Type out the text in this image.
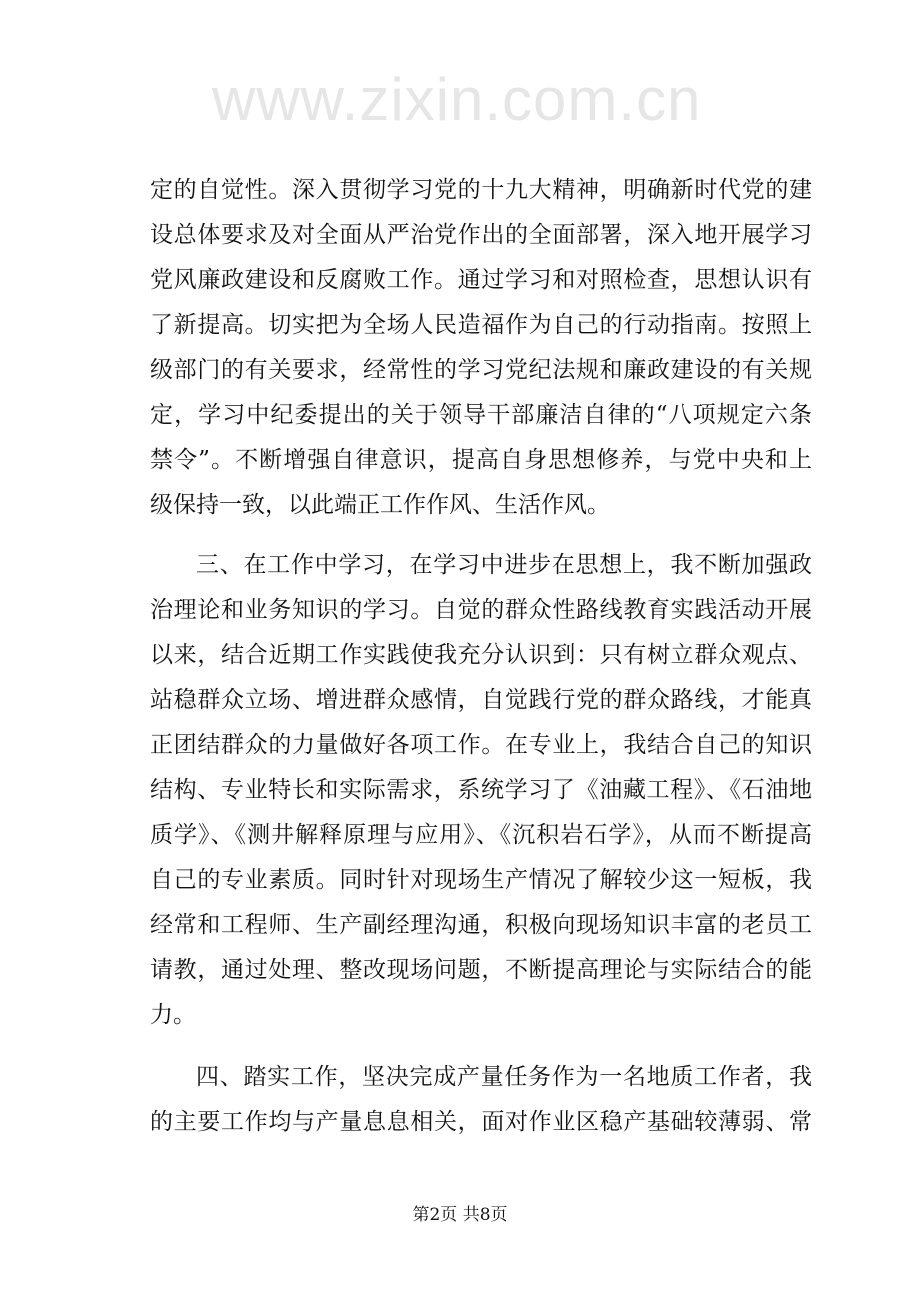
www.zixin.com.cn
定的自觉性。深入贯彻学习党的十九大精神，明确新时代党的建
设总体要求及对全面从严治党作出的全面部署，深入地开展学习
党风廉政建设和反腐败工作。通过学习和对照检查，思想认识有
了新提高。切实把为全场人民造福作为自己的行动指南。按照上
级部门的有关要求，经常性的学习党纪法规和廉政建设的有关规
定，学习中纪委提出的关于领导干部廉洁自律的“八项规定六条
禁令”。不断增强自律意识，提高自身思想修养，与党中央和上
级保持一致，以此端正工作作风、生活作风。
三、在工作中学习，在学习中进步在思想上，我不断加强政
治理论和业务知识的学习。自觉的群众性路线教育实践活动开展
以来，结合近期工作实践使我充分认识到：只有树立群众观点、
站稳群众立场、增进群众感情，自觉践行党的群众路线，才能真
正团结群众的力量做好各项工作。在专业上，我结合自己的知识
结构、专业特长和实际需求，系统学习了《油藏工程》、《石油地
质学》、《测井解释原理与应用》、《沉积岩石学》，从而不断提高
自己的专业素质。同时针对现场生产情况了解较少这一短板，我
经常和工程师、生产副经理沟通，积极向现场知识丰富的老员工
请教，通过处理、整改现场问题，不断提高理论与实际结合的能
力。
四、踏实工作，坚决完成产量任务作为一名地质工作者，我
的主要工作均与产量息息相关，面对作业区稳产基础较薄弱、常
第2页 共8页
